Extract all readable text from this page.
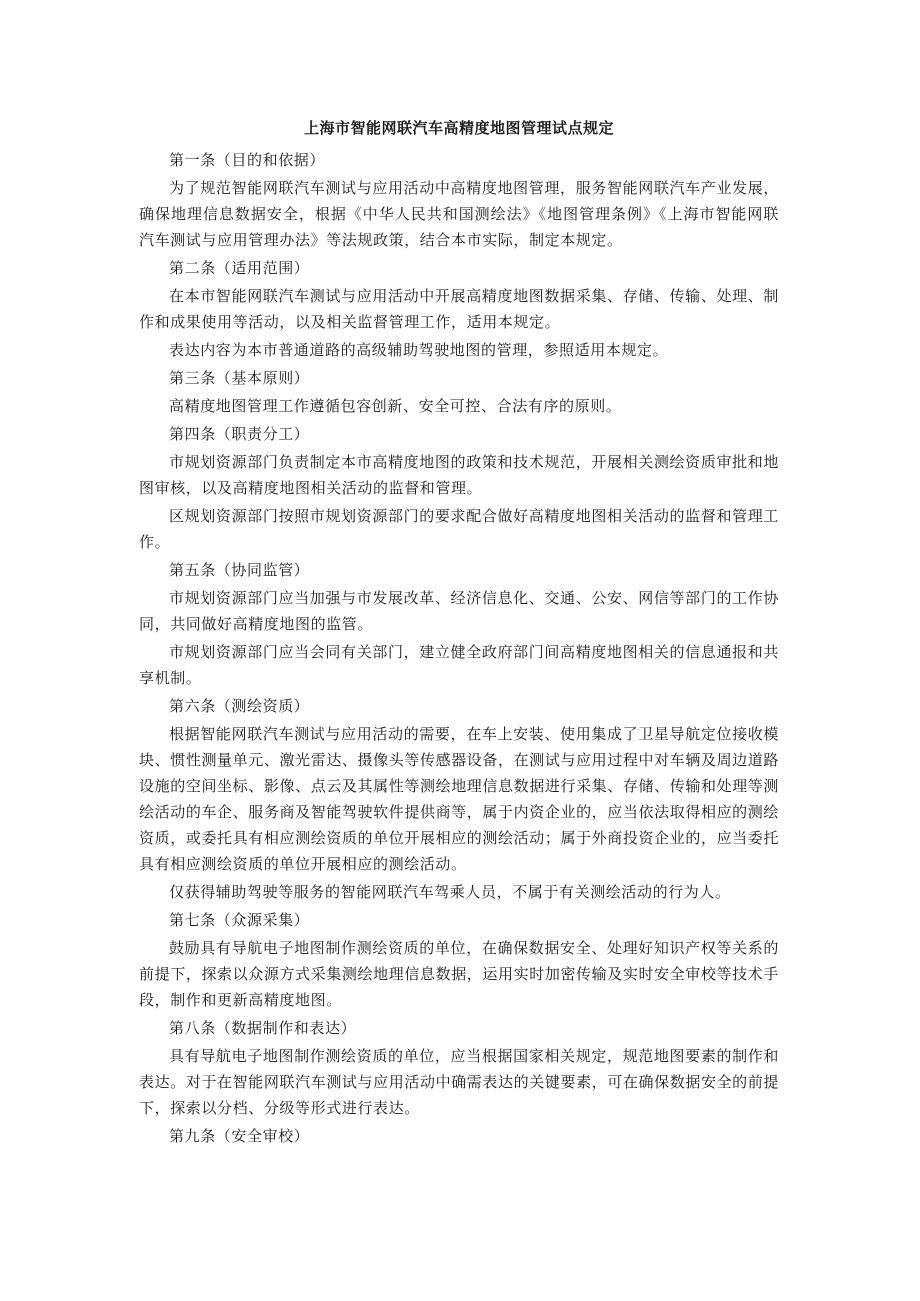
上海市智能网联汽车高精度地图管理试点规定

第一条（目的和依据）

为了规范智能网联汽车测试与应用活动中高精度地图管理，服务智能网联汽车产业发展，确保地理信息数据安全，根据《中华人民共和国测绘法》《地图管理条例》《上海市智能网联汽车测试与应用管理办法》等法规政策，结合本市实际，制定本规定。

第二条（适用范围）

在本市智能网联汽车测试与应用活动中开展高精度地图数据采集、存储、传输、处理、制作和成果使用等活动，以及相关监督管理工作，适用本规定。

表达内容为本市普通道路的高级辅助驾驶地图的管理，参照适用本规定。

第三条（基本原则）

高精度地图管理工作遵循包容创新、安全可控、合法有序的原则。

第四条（职责分工）

市规划资源部门负责制定本市高精度地图的政策和技术规范，开展相关测绘资质审批和地图审核，以及高精度地图相关活动的监督和管理。

区规划资源部门按照市规划资源部门的要求配合做好高精度地图相关活动的监督和管理工作。

第五条（协同监管）

市规划资源部门应当加强与市发展改革、经济信息化、交通、公安、网信等部门的工作协同，共同做好高精度地图的监管。

市规划资源部门应当会同有关部门，建立健全政府部门间高精度地图相关的信息通报和共享机制。

第六条（测绘资质）

根据智能网联汽车测试与应用活动的需要，在车上安装、使用集成了卫星导航定位接收模块、惯性测量单元、激光雷达、摄像头等传感器设备，在测试与应用过程中对车辆及周边道路设施的空间坐标、影像、点云及其属性等测绘地理信息数据进行采集、存储、传输和处理等测绘活动的车企、服务商及智能驾驶软件提供商等，属于内资企业的，应当依法取得相应的测绘资质，或委托具有相应测绘资质的单位开展相应的测绘活动；属于外商投资企业的，应当委托具有相应测绘资质的单位开展相应的测绘活动。

仅获得辅助驾驶等服务的智能网联汽车驾乘人员，不属于有关测绘活动的行为人。

第七条（众源采集）

鼓励具有导航电子地图制作测绘资质的单位，在确保数据安全、处理好知识产权等关系的前提下，探索以众源方式采集测绘地理信息数据，运用实时加密传输及实时安全审校等技术手段，制作和更新高精度地图。

第八条（数据制作和表达）

具有导航电子地图制作测绘资质的单位，应当根据国家相关规定，规范地图要素的制作和表达。对于在智能网联汽车测试与应用活动中确需表达的关键要素，可在确保数据安全的前提下，探索以分档、分级等形式进行表达。

第九条（安全审校）
